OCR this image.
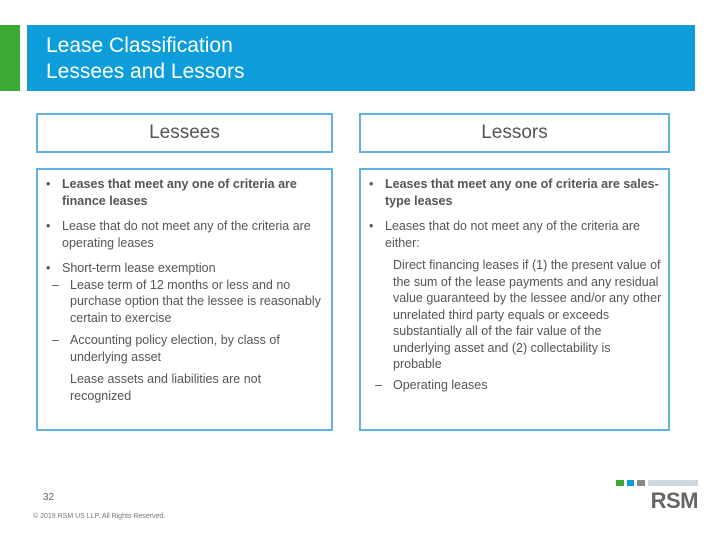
Lease Classification
Lessees and Lessors
Lessees	Lessors
• Leases that meet any one of criteria are finance leases
• Lease that do not meet any of the criteria are operating leases
• Short-term lease exemption
– Lease term of 12 months or less and no purchase option that the lessee is reasonably certain to exercise
– Accounting policy election, by class of underlying asset
Lease assets and liabilities are not recognized
• Leases that meet any one of criteria are sales-type leases
• Leases that do not meet any of the criteria are either:
Direct financing leases if (1) the present value of the sum of the lease payments and any residual value guaranteed by the lessee and/or any other unrelated third party equals or exceeds substantially all of the fair value of the underlying asset and (2) collectability is probable
– Operating leases
32
© 2019 RSM US LLP. All Rights Reserved.
RSM
